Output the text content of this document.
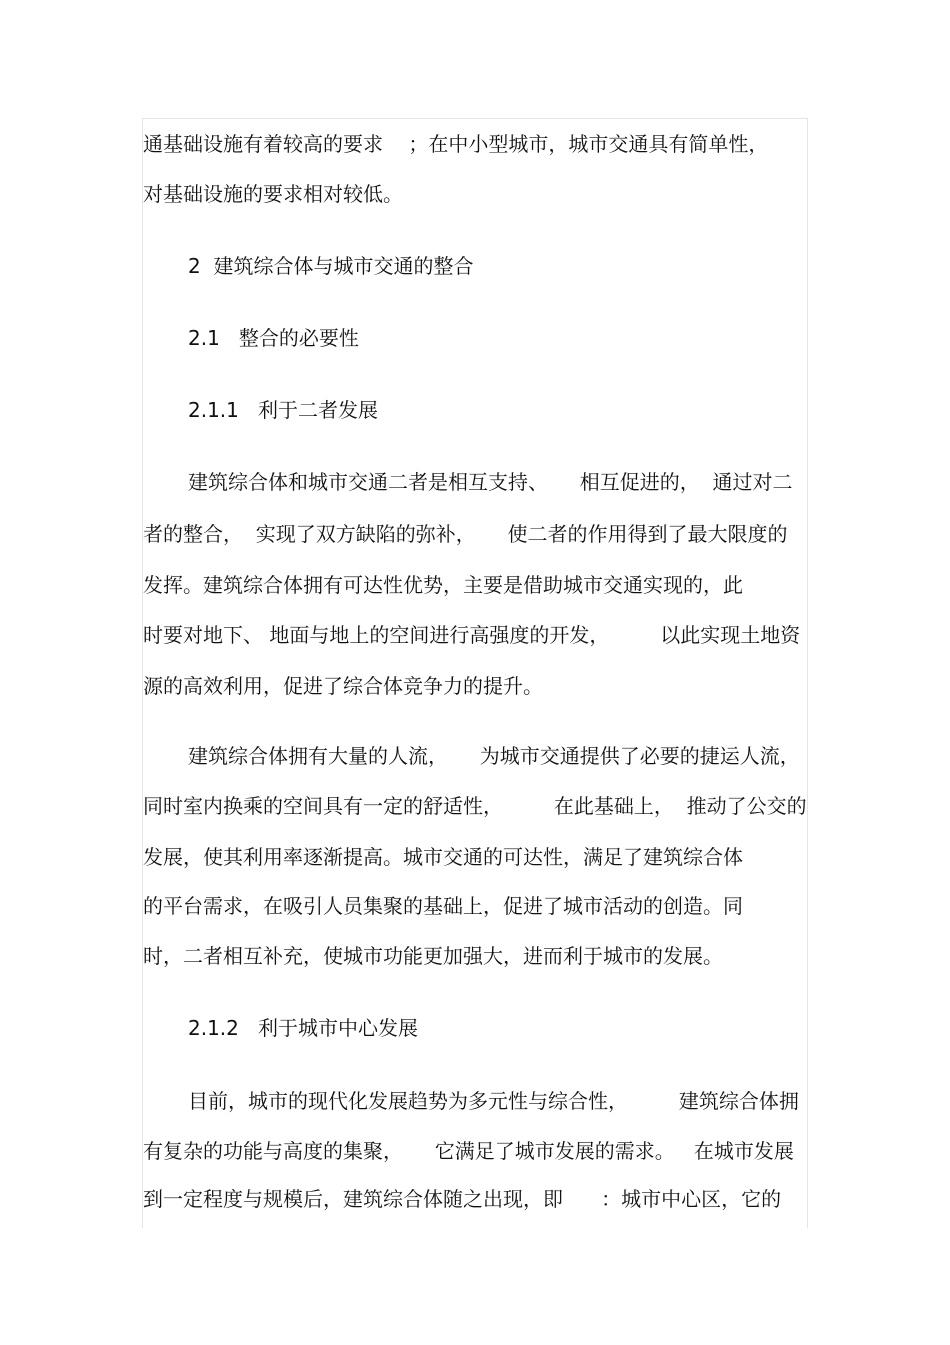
通基础设施有着较高的要求    ；在中小型城市，城市交通具有简单性，
对基础设施的要求相对较低。
2  建筑综合体与城市交通的整合
2.1   整合的必要性
2.1.1   利于二者发展
建筑综合体和城市交通二者是相互支持、     相互促进的，  通过对二
者的整合，  实现了双方缺陷的弥补，     使二者的作用得到了最大限度的
发挥。建筑综合体拥有可达性优势，主要是借助城市交通实现的，此
时要对地下、 地面与地上的空间进行高强度的开发，        以此实现土地资
源的高效利用，促进了综合体竞争力的提升。
建筑综合体拥有大量的人流，     为城市交通提供了必要的捷运人流，
同时室内换乘的空间具有一定的舒适性，        在此基础上，  推动了公交的
发展，使其利用率逐渐提高。城市交通的可达性，满足了建筑综合体
的平台需求，在吸引人员集聚的基础上，促进了城市活动的创造。同
时，二者相互补充，使城市功能更加强大，进而利于城市的发展。
2.1.2   利于城市中心发展
目前，城市的现代化发展趋势为多元性与综合性，        建筑综合体拥
有复杂的功能与高度的集聚，     它满足了城市发展的需求。   在城市发展
到一定程度与规模后，建筑综合体随之出现，即      ：城市中心区，它的
